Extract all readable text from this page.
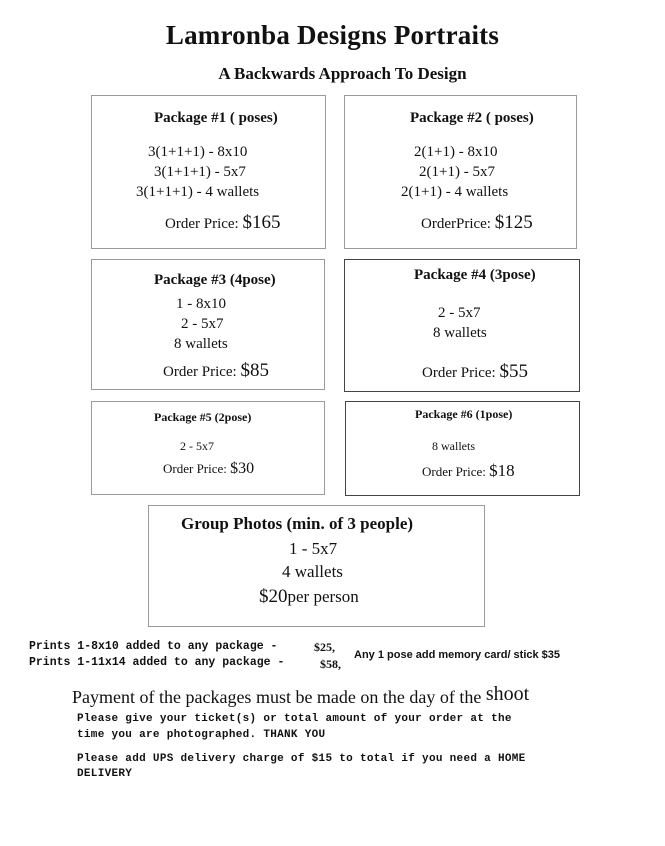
Lamronba Designs Portraits
A Backwards Approach To Design
Package #1 ( poses)
3(1+1+1) - 8x10
3(1+1+1) - 5x7
3(1+1+1) - 4 wallets
Order Price: $165
Package #2 ( poses)
2(1+1) - 8x10
2(1+1) - 5x7
2(1+1) - 4 wallets
OrderPrice: $125
Package #3 (4pose)
1 - 8x10
2 - 5x7
8 wallets
Order Price: $85
Package #4 (3pose)
2 - 5x7
8 wallets
Order Price: $55
Package #5 (2pose)
2 - 5x7
Order Price: $30
Package #6 (1pose)
8 wallets
Order Price: $18
Group Photos (min. of 3 people)
1 - 5x7
4 wallets
$20per person
Prints 1-8x10 added to any package -	$25,
Prints 1-11x14 added to any package -	$58,
Any 1 pose add memory card/ stick $35
Payment of the packages must be made on the day of the shoot
Please give your ticket(s) or total amount of your order at the
time you are photographed. THANK YOU
Please add UPS delivery charge of $15 to total if you need a HOME
DELIVERY
